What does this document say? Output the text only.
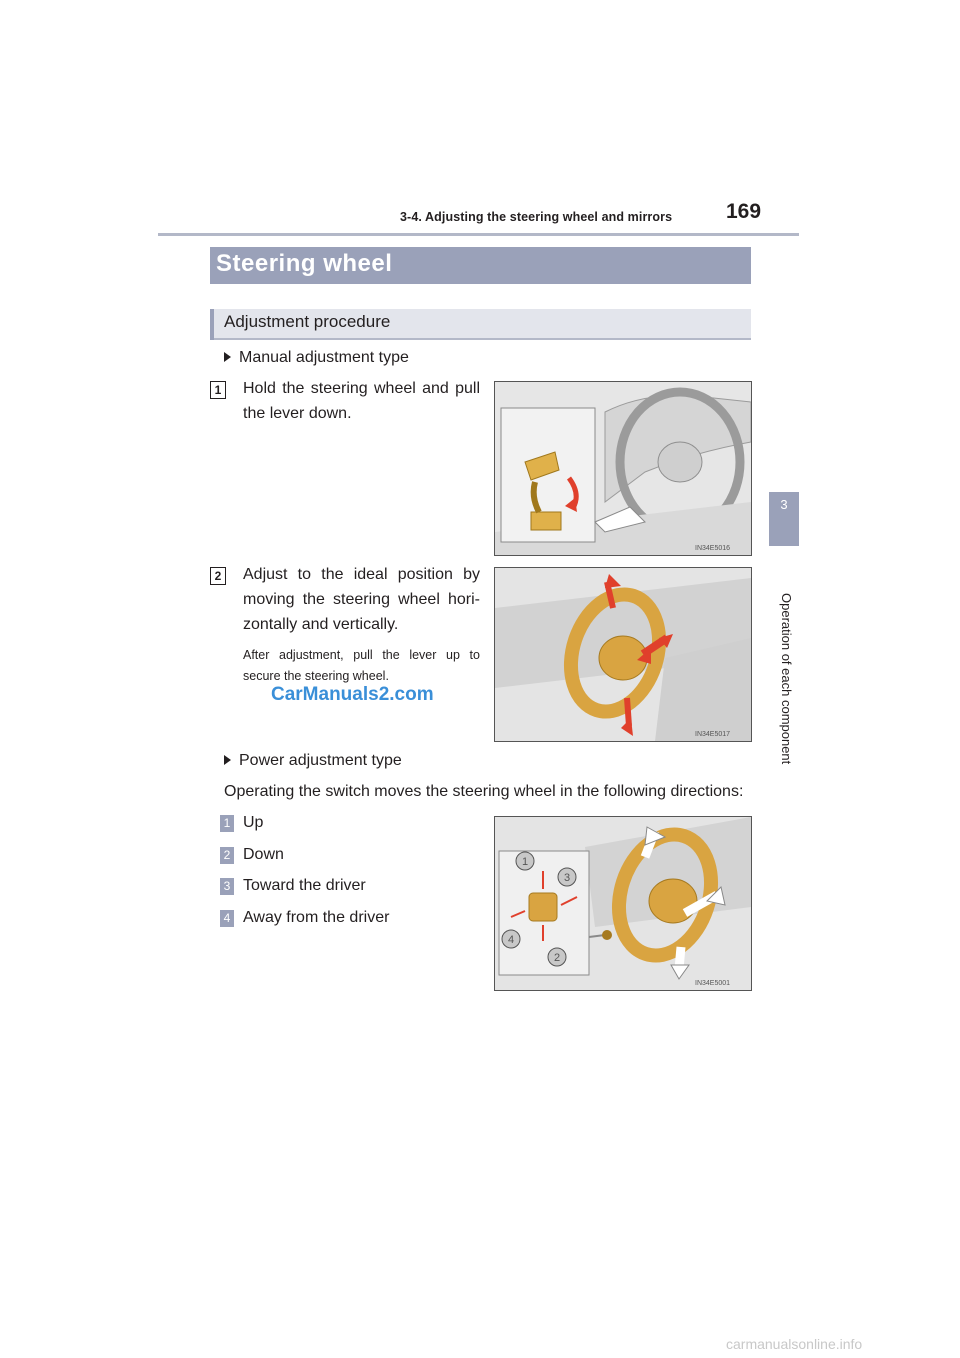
3-4. Adjusting the steering wheel and mirrors	169
3
Operation of each component
Steering wheel
Adjustment procedure
Manual adjustment type
1 Hold the steering wheel and pull the lever down.
IN34E5016
2 Adjust to the ideal position by moving the steering wheel hori-zontally and vertically.
After adjustment, pull the lever up to secure the steering wheel.
IN34E5017
Power adjustment type
Operating the switch moves the steering wheel in the following directions:
1 Up
2 Down
3 Toward the driver
4 Away from the driver
1
2
3
4
IN34E5001
CarManuals2.com
carmanualsonline.info
